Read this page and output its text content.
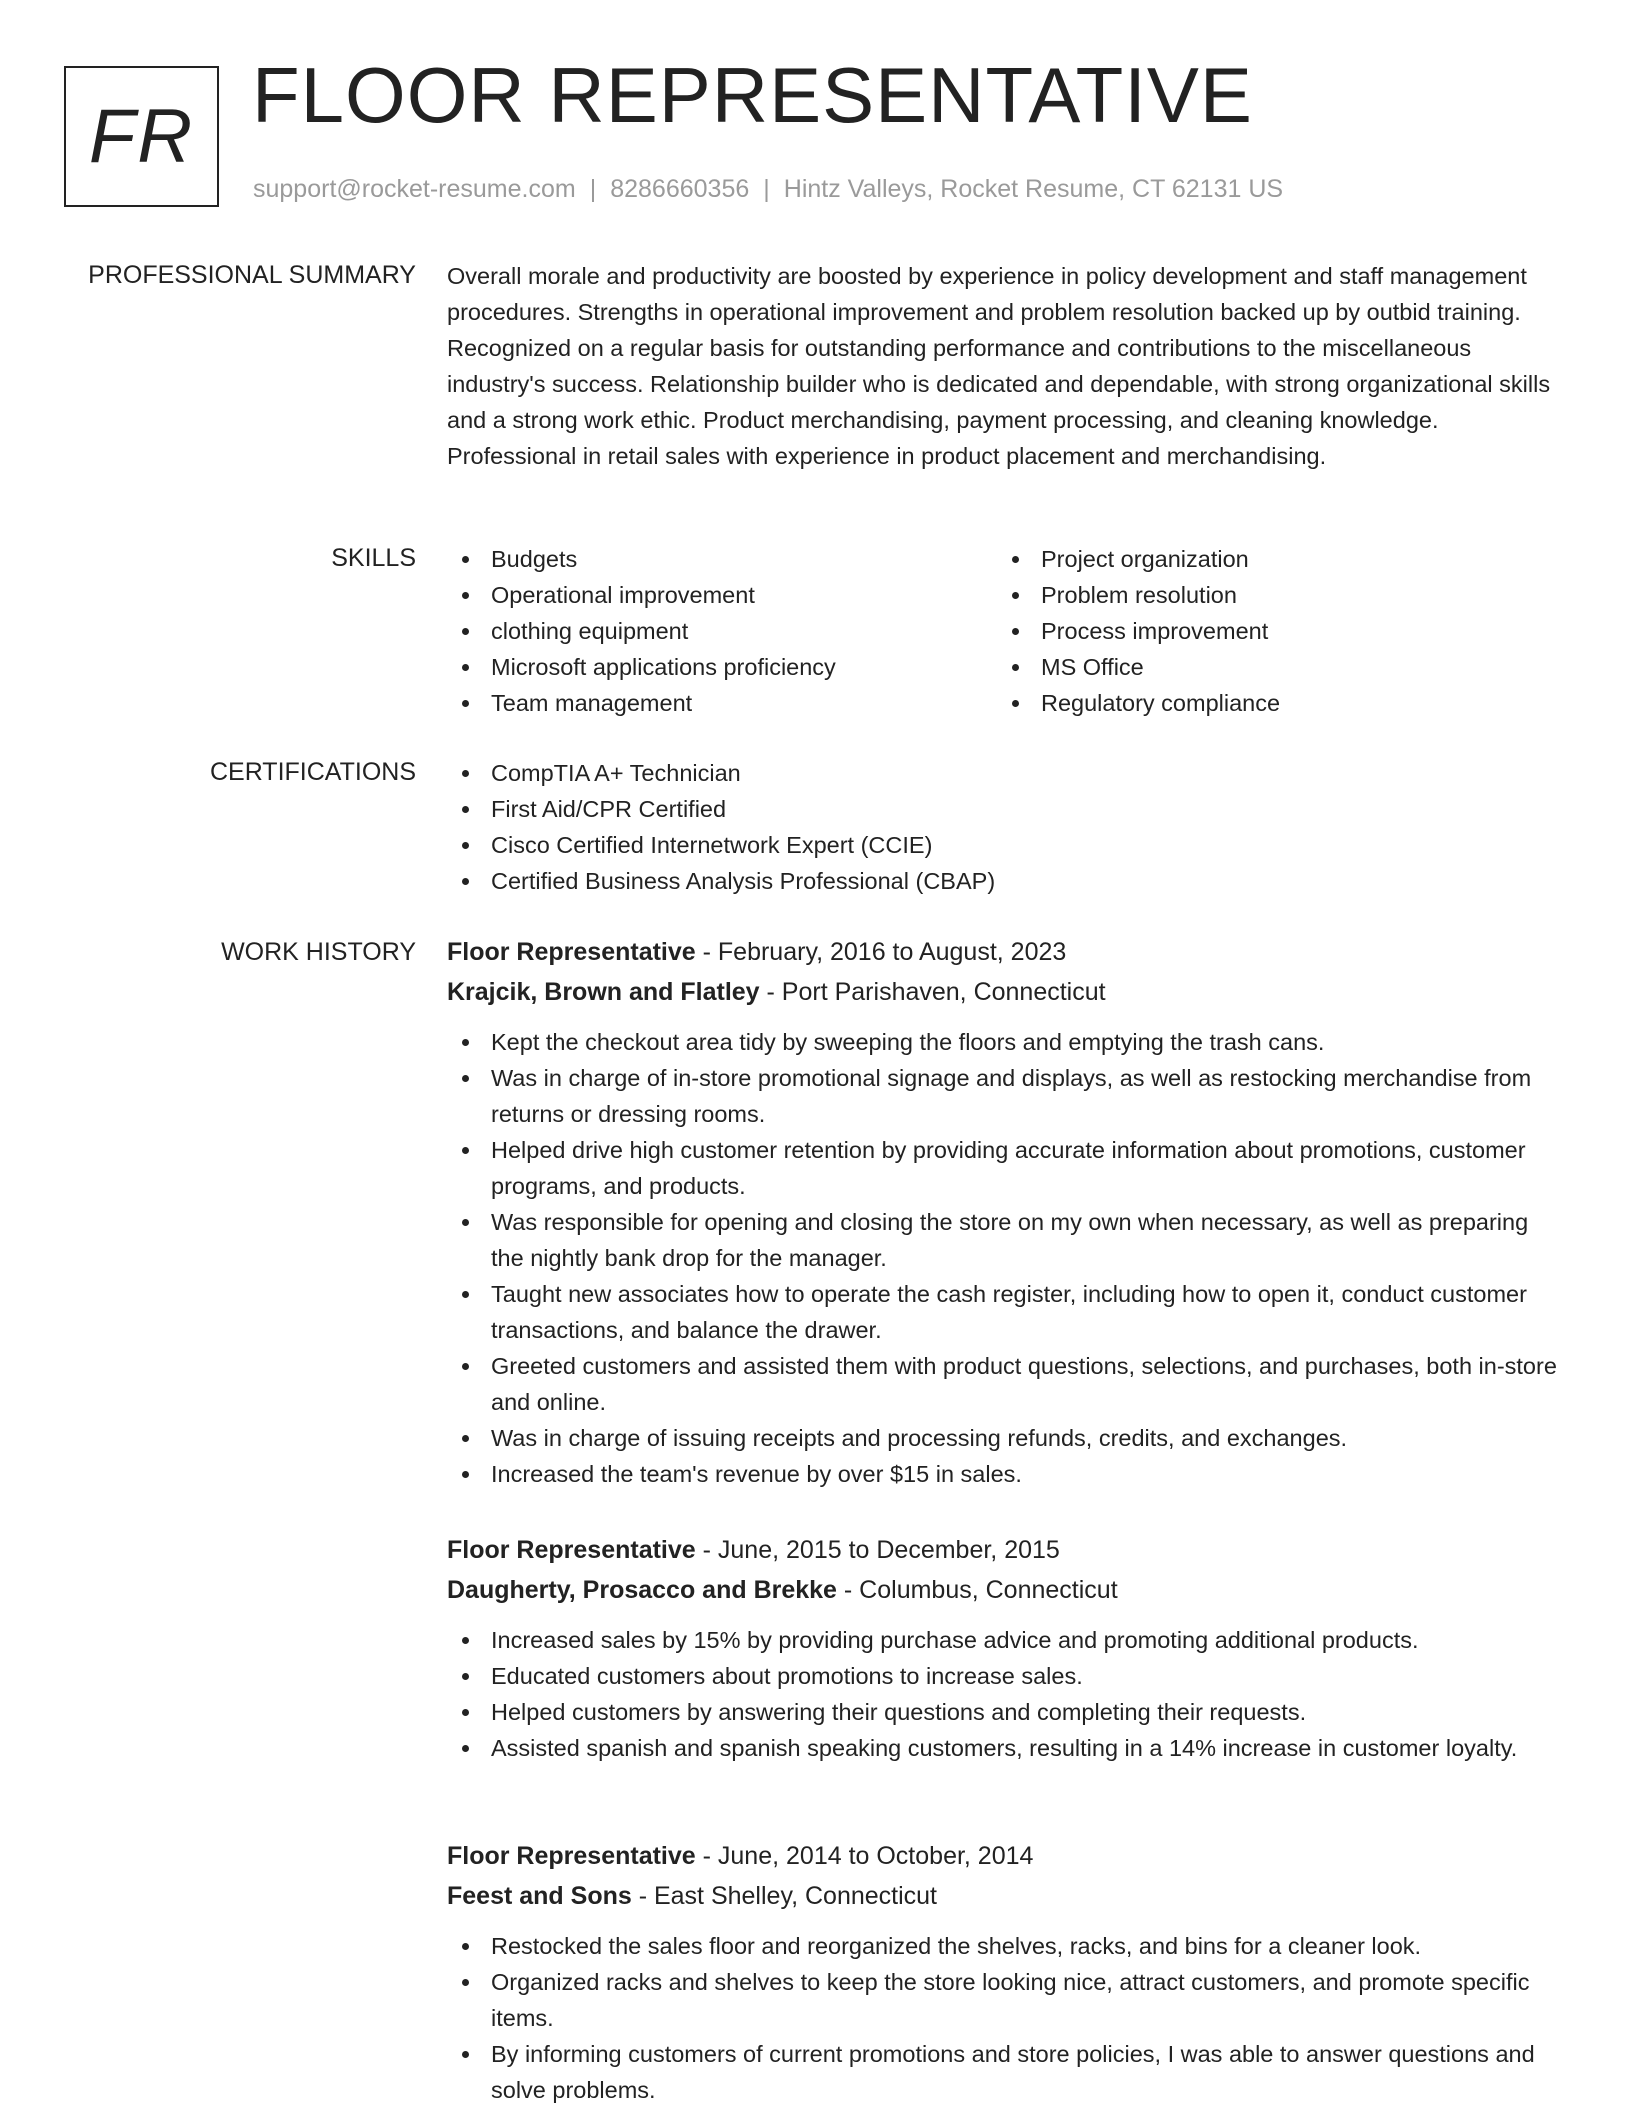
FR FLOOR REPRESENTATIVE
support@rocket-resume.com | 8286660356 | Hintz Valleys, Rocket Resume, CT 62131 US
PROFESSIONAL SUMMARY Overall morale and productivity are boosted by experience in policy development and staff management procedures. Strengths in operational improvement and problem resolution backed up by outbid training. Recognized on a regular basis for outstanding performance and contributions to the miscellaneous industry's success. Relationship builder who is dedicated and dependable, with strong organizational skills and a strong work ethic. Product merchandising, payment processing, and cleaning knowledge. Professional in retail sales with experience in product placement and merchandising.

SKILLS	Budgets
Operational improvement
clothing equipment
Microsoft applications proficiency
Team management
Project organization
Problem resolution
Process improvement
MS Office
Regulatory compliance
CERTIFICATIONS	CompTIA A+ Technician
First Aid/CPR Certified
Cisco Certified Internetwork Expert (CCIE)
Certified Business Analysis Professional (CBAP)
WORK HISTORY Floor Representative - February, 2016 to August, 2023
Krajcik, Brown and Flatley - Port Parishaven, Connecticut
Kept the checkout area tidy by sweeping the floors and emptying the trash cans.
Was in charge of in-store promotional signage and displays, as well as restocking merchandise from returns or dressing rooms.
Helped drive high customer retention by providing accurate information about promotions, customer programs, and products.
Was responsible for opening and closing the store on my own when necessary, as well as preparing the nightly bank drop for the manager.
Taught new associates how to operate the cash register, including how to open it, conduct customer transactions, and balance the drawer.
Greeted customers and assisted them with product questions, selections, and purchases, both in-store and online.
Was in charge of issuing receipts and processing refunds, credits, and exchanges.
Increased the team's revenue by over $15 in sales.
Floor Representative - June, 2015 to December, 2015
Daugherty, Prosacco and Brekke - Columbus, Connecticut
Increased sales by 15% by providing purchase advice and promoting additional products.
Educated customers about promotions to increase sales.
Helped customers by answering their questions and completing their requests.
Assisted spanish and spanish speaking customers, resulting in a 14% increase in customer loyalty.
Floor Representative - June, 2014 to October, 2014
Feest and Sons - East Shelley, Connecticut
Restocked the sales floor and reorganized the shelves, racks, and bins for a cleaner look.
Organized racks and shelves to keep the store looking nice, attract customers, and promote specific items.
By informing customers of current promotions and store policies, I was able to answer questions and solve problems.
